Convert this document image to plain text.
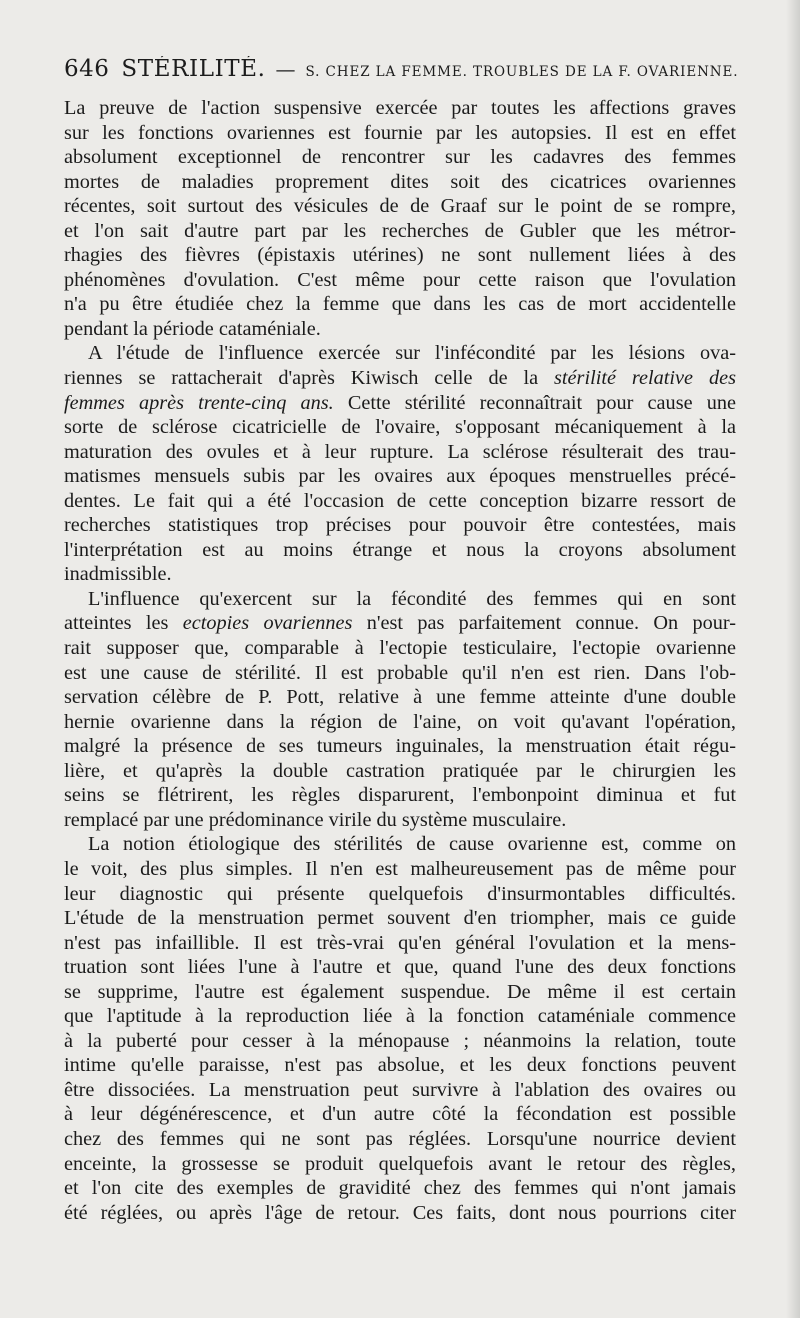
646 STÉRILITÉ. — S. CHEZ LA FEMME. TROUBLES DE LA F. OVARIENNE.
La preuve de l'action suspensive exercée par toutes les affections graves
sur les fonctions ovariennes est fournie par les autopsies. Il est en effet
absolument exceptionnel de rencontrer sur les cadavres des femmes
mortes de maladies proprement dites soit des cicatrices ovariennes
récentes, soit surtout des vésicules de de Graaf sur le point de se rompre,
et l'on sait d'autre part par les recherches de Gubler que les métror-
rhagies des fièvres (épistaxis utérines) ne sont nullement liées à des
phénomènes d'ovulation. C'est même pour cette raison que l'ovulation
n'a pu être étudiée chez la femme que dans les cas de mort accidentelle
pendant la période cataméniale.
A l'étude de l'influence exercée sur l'infécondité par les lésions ova-
riennes se rattacherait d'après Kiwisch celle de la stérilité relative des
femmes après trente-cinq ans. Cette stérilité reconnaîtrait pour cause une
sorte de sclérose cicatricielle de l'ovaire, s'opposant mécaniquement à la
maturation des ovules et à leur rupture. La sclérose résulterait des trau-
matismes mensuels subis par les ovaires aux époques menstruelles précé-
dentes. Le fait qui a été l'occasion de cette conception bizarre ressort de
recherches statistiques trop précises pour pouvoir être contestées, mais
l'interprétation est au moins étrange et nous la croyons absolument
inadmissible.
L'influence qu'exercent sur la fécondité des femmes qui en sont
atteintes les ectopies ovariennes n'est pas parfaitement connue. On pour-
rait supposer que, comparable à l'ectopie testiculaire, l'ectopie ovarienne
est une cause de stérilité. Il est probable qu'il n'en est rien. Dans l'ob-
servation célèbre de P. Pott, relative à une femme atteinte d'une double
hernie ovarienne dans la région de l'aine, on voit qu'avant l'opération,
malgré la présence de ses tumeurs inguinales, la menstruation était régu-
lière, et qu'après la double castration pratiquée par le chirurgien les
seins se flétrirent, les règles disparurent, l'embonpoint diminua et fut
remplacé par une prédominance virile du système musculaire.
La notion étiologique des stérilités de cause ovarienne est, comme on
le voit, des plus simples. Il n'en est malheureusement pas de même pour
leur diagnostic qui présente quelquefois d'insurmontables difficultés.
L'étude de la menstruation permet souvent d'en triompher, mais ce guide
n'est pas infaillible. Il est très-vrai qu'en général l'ovulation et la mens-
truation sont liées l'une à l'autre et que, quand l'une des deux fonctions
se supprime, l'autre est également suspendue. De même il est certain
que l'aptitude à la reproduction liée à la fonction cataméniale commence
à la puberté pour cesser à la ménopause ; néanmoins la relation, toute
intime qu'elle paraisse, n'est pas absolue, et les deux fonctions peuvent
être dissociées. La menstruation peut survivre à l'ablation des ovaires ou
à leur dégénérescence, et d'un autre côté la fécondation est possible
chez des femmes qui ne sont pas réglées. Lorsqu'une nourrice devient
enceinte, la grossesse se produit quelquefois avant le retour des règles,
et l'on cite des exemples de gravidité chez des femmes qui n'ont jamais
été réglées, ou après l'âge de retour. Ces faits, dont nous pourrions citer
